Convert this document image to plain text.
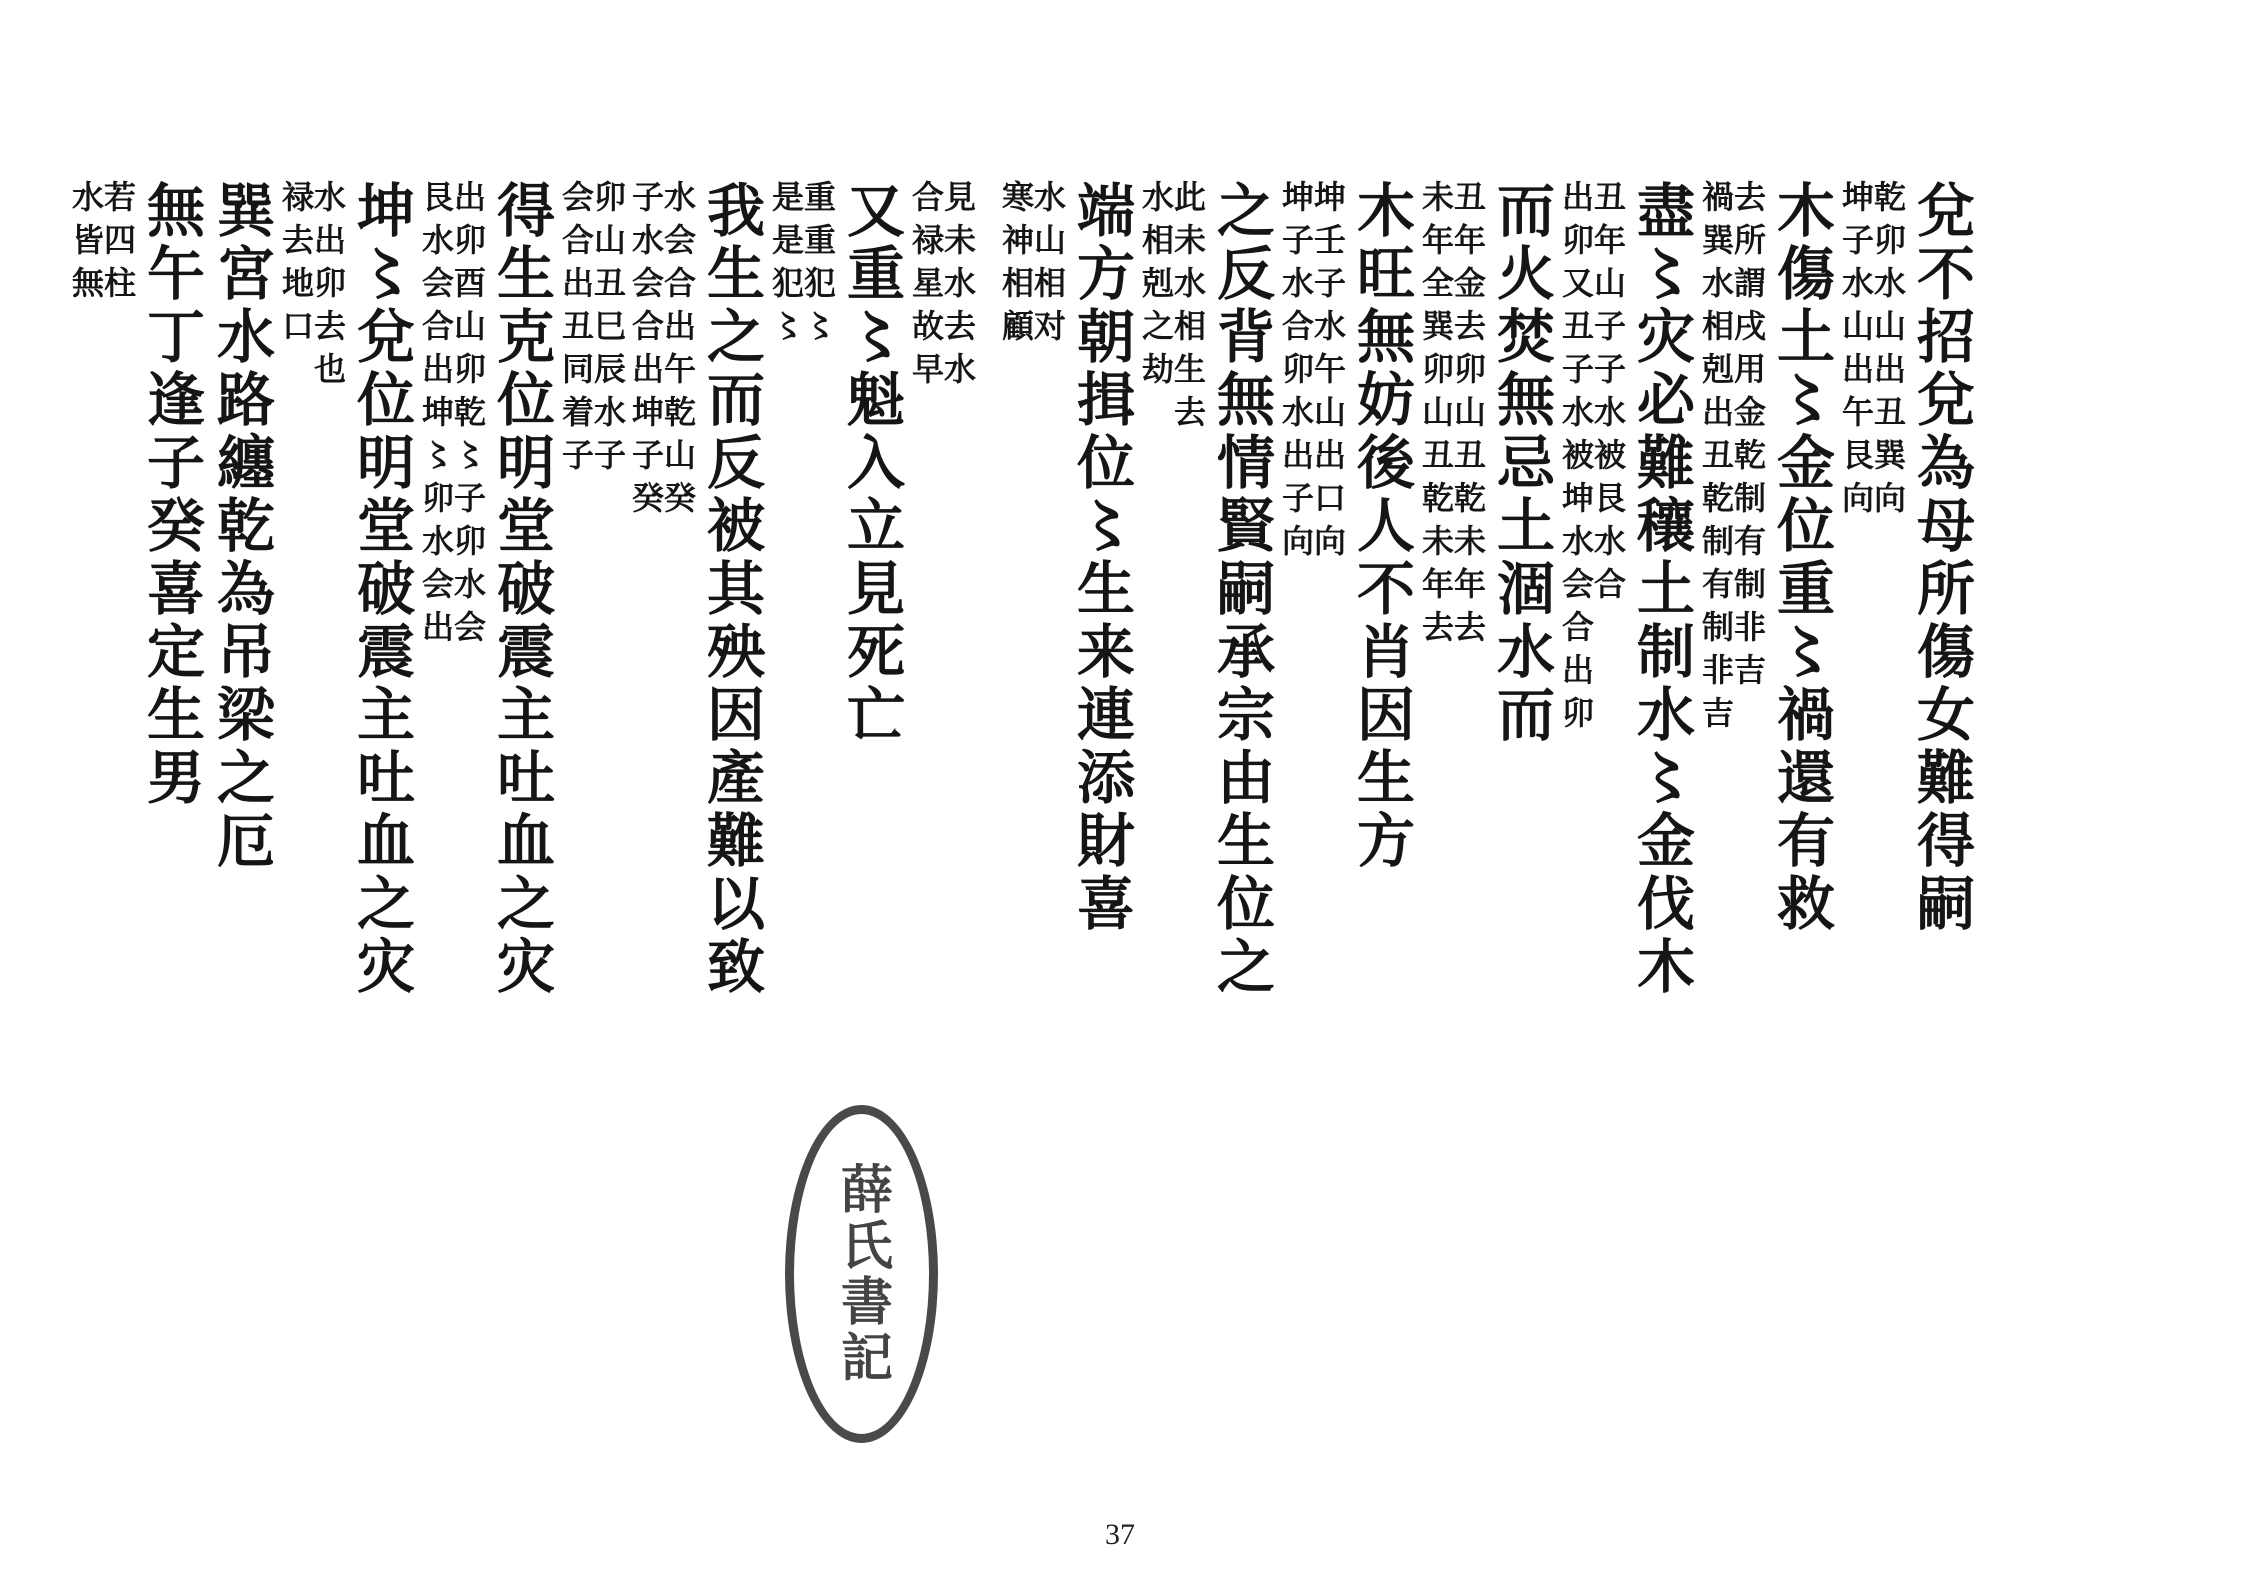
見未水去水
合禄星故早
又重〻魁入立見死亡
重重犯〻
是是犯〻
我生之而反被其殃因產難以致
水会合出午乾山癸
子水会合出坤子癸
卯山丑巳辰水子
会合出丑同着子
得生克位明堂破震主吐血之灾
出卯酉山卯乾〻子卯水会
艮水会合出坤〻卯水会出
坤〻兌位明堂破震主吐血之灾
水出卯去也
禄去地口
巽宮水路纏乾為吊梁之厄
無午丁逢子癸喜定生男
若四柱
水皆無
薛氏書記
兌不招兌為母所傷女難得嗣
乾卯水山出丑巽向
坤子水山出午艮向
木傷土〻金位重〻禍還有救
去所謂戌用金乾制有制非吉
禍巽水相剋出丑乾制有制非吉
盡〻灾必難穰土制水〻金伐木
丑年山子子水被艮水合
出卯又丑子水被坤水会合出卯
而火焚無忌土涸水而
丑年金去卯山丑乾未年去
未年全巽卯山丑乾未年去
木旺無妨後人不肖因生方
坤壬子水午山出口向
坤子水合卯水出子向
之反背無情賢嗣承宗由生位之
此未水相生去
水相剋之劫
端方朝揖位〻生来連添財喜
水山相对
寒神相顧
37
